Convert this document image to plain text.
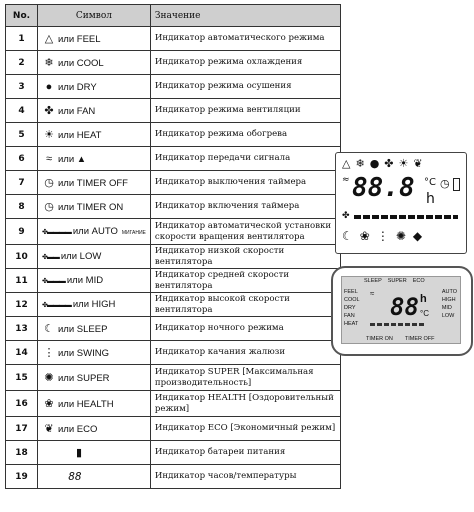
No.	Символ	Значение
1	△ или FEEL	Индикатор автоматического режима
2	❄ или COOL	Индикатор режима охлаждения
3	● или DRY	Индикатор режима осушения
4	✤ или FAN	Индикатор режима вентиляции
5	☀ или HEAT	Индикатор режима обогрева
6	≈ или ▲	Индикатор передачи сигнала
7	◷ или TIMER OFF	Индикатор выключения таймера
8	◷ или TIMER ON	Индикатор включения таймера
9	✤▬▬▬▬ или AUTO МИГАНИЕ	Индикатор автоматической установки скорости вращения вентилятора
10	✤▬▬ или LOW	Индикатор низкой скорости вентилятора
11	✤▬▬▬ или MID	Индикатор средней скорости вентилятора
12	✤▬▬▬▬ или HIGH	Индикатор высокой скорости вентилятора
13	☾ или SLEEP	Индикатор ночного режима
14	⋮ или SWING	Индикатор качания жалюзи
15	✺ или SUPER	Индикатор SUPER [Максимальная производительность]
16	❀ или HEALTH	Индикатор HEALTH [Оздоровительный режим]
17	❦ или ECO	Индикатор ECO [Экономичный режим]
18	▮	Индикатор батареи питания
19	88	Индикатор часов/температуры
△❄●✤☀❦
≈ 88.8 °C
h
◷
✤
☾❀⋮✺◆
SLEEP SUPER ECO
FEEL
COOL
DRY
FAN
HEAT
AUTO
HIGH
MID
LOW
≈ 88 h
°C
TIMER ON TIMER OFF
